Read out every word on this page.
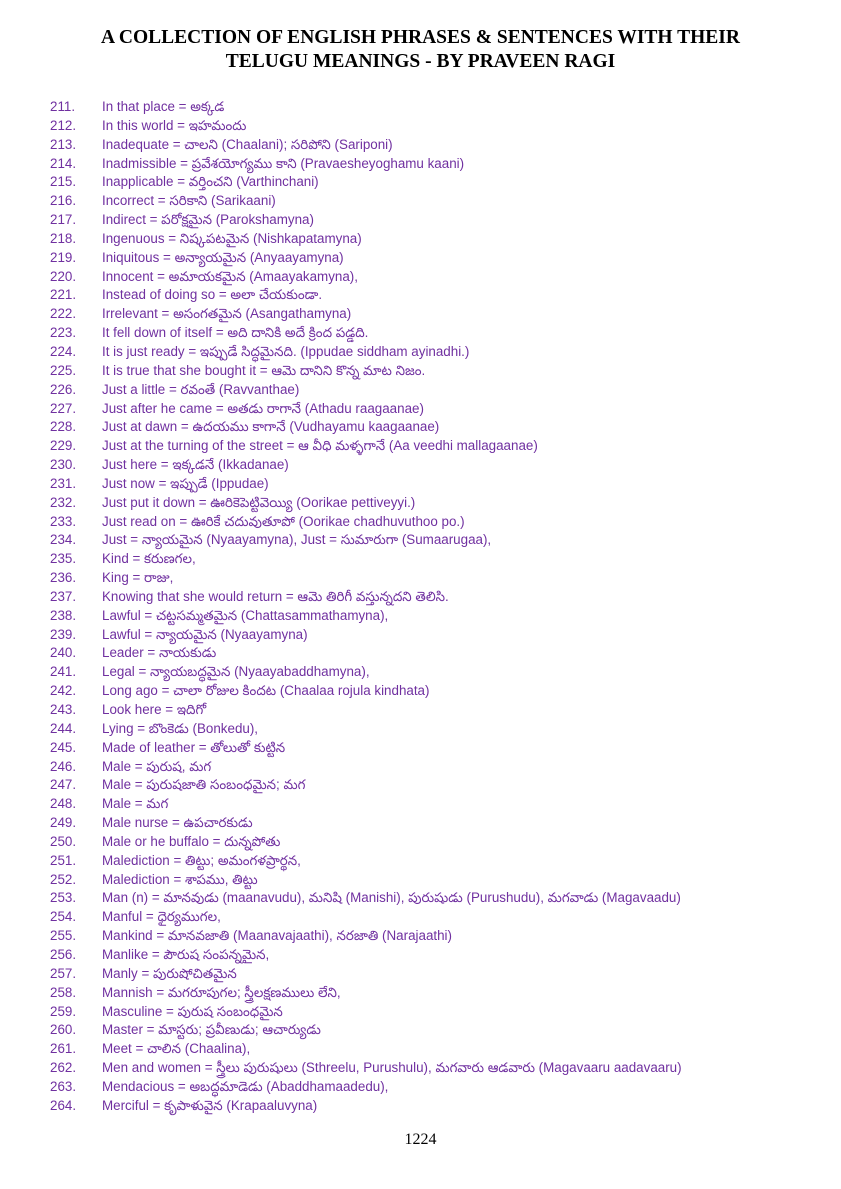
A COLLECTION OF ENGLISH PHRASES & SENTENCES WITH THEIR
TELUGU MEANINGS - BY PRAVEEN RAGI
211. In that place = అక్కడ
212. In this world = ఇహమందు
213. Inadequate = చాలని (Chaalani); సరిపోని (Sariponi)
214. Inadmissible = ప్రవేశయోగ్యము కాని (Pravaesheyoghamu kaani)
215. Inapplicable = వర్తించని (Varthinchani)
216. Incorrect = సరికాని (Sarikaani)
217. Indirect = పరోక్షమైన (Parokshamyna)
218. Ingenuous = నిష్కపటమైన (Nishkapatamyna)
219. Iniquitous = అన్యాయమైన (Anyaayamyna)
220. Innocent = అమాయకమైన (Amaayakamyna),
221. Instead of doing so = అలా చేయకుండా.
222. Irrelevant = అసంగతమైన (Asangathamyna)
223. It fell down of itself = అది దానికి అదే క్రింద పడ్డది.
224. It is just ready = ఇప్పుడే సిద్ధమైనది. (Ippudae siddham ayinadhi.)
225. It is true that she bought it = ఆమె దానిని కొన్న మాట నిజం.
226. Just a little = రవంతే (Ravvanthae)
227. Just after he came = అతడు రాగానే (Athadu raagaanae)
228. Just at dawn = ఉదయము కాగానే (Vudhayamu kaagaanae)
229. Just at the turning of the street = ఆ వీధి మళ్ళగానే (Aa veedhi mallagaanae)
230. Just here = ఇక్కడనే (Ikkadanae)
231. Just now = ఇప్పుడే (Ippudae)
232. Just put it down = ఊరికెపెట్టివెయ్యి (Oorikae pettiveyyi.)
233. Just read on = ఊరికే చదువుతూపో (Oorikae chadhuvuthoo po.)
234. Just = న్యాయమైన (Nyaayamyna), Just = సుమారుగా (Sumaarugaa),
235. Kind = కరుణగల,
236. King = రాజు,
237. Knowing that she would return = ఆమె తిరిగీ వస్తున్నదని తెలిసి.
238. Lawful = చట్టసమ్మతమైన (Chattasammathamyna),
239. Lawful = న్యాయమైన (Nyaayamyna)
240. Leader = నాయకుడు
241. Legal = న్యాయబద్ధమైన (Nyaayabaddhamyna),
242. Long ago = చాలా రోజుల కిందట (Chaalaa rojula kindhata)
243. Look here = ఇదిగో
244. Lying = బొంకెడు (Bonkedu),
245. Made of leather = తోలుతో కుట్టిన
246. Male = పురుష, మగ
247. Male = పురుషజాతి సంబంధమైన; మగ
248. Male = మగ
249. Male nurse = ఉపచారకుడు
250. Male or he buffalo = దున్నపోతు
251. Malediction = తిట్టు; అమంగళప్రార్థన,
252. Malediction = శాపము, తిట్టు
253. Man (n) = మానవుడు (maanavudu), మనిషి (Manishi), పురుషుడు (Purushudu), మగవాడు (Magavaadu)
254. Manful = ధైర్యముగల,
255. Mankind = మానవజాతి (Maanavajaathi), నరజాతి (Narajaathi)
256. Manlike = పౌరుష సంపన్నమైన,
257. Manly = పురుషోచితమైన
258. Mannish = మగరూపుగల; స్త్రీలక్షణములు లేని,
259. Masculine = పురుష సంబంధమైన
260. Master = మాస్టరు; ప్రవీణుడు; ఆచార్యుడు
261. Meet = చాలిన (Chaalina),
262. Men and women = స్త్రీలు పురుషులు (Sthreelu, Purushulu), మగవారు ఆడవారు (Magavaaru aadavaaru)
263. Mendacious = అబద్ధమాడెడు (Abaddhamaadedu),
264. Merciful = కృపాళువైన (Krapaaluvyna)
1224
